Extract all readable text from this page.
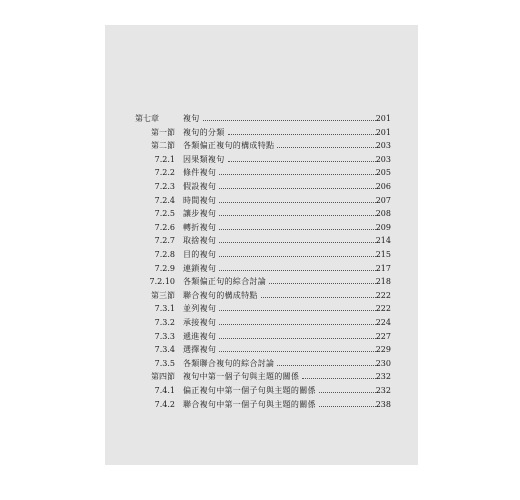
第七章	複句	201
第一節 複句的分類	201
第二節 各類偏正複句的構成特點	203
7.2.1 因果類複句	203
7.2.2 條件複句	205
7.2.3 假設複句	206
7.2.4 時間複句	207
7.2.5 讓步複句	208
7.2.6 轉折複句	209
7.2.7 取捨複句	214
7.2.8 目的複句	215
7.2.9 連鎖複句	217
7.2.10 各類偏正句的綜合討論	218
第三節 聯合複句的構成特點	222
7.3.1 並列複句	222
7.3.2 承接複句	224
7.3.3 遞進複句	227
7.3.4 選擇複句	229
7.3.5 各類聯合複句的綜合討論	230
第四節 複句中第一個子句與主題的關係	232
7.4.1 偏正複句中第一個子句與主題的關係	232
7.4.2 聯合複句中第一個子句與主題的關係	238
